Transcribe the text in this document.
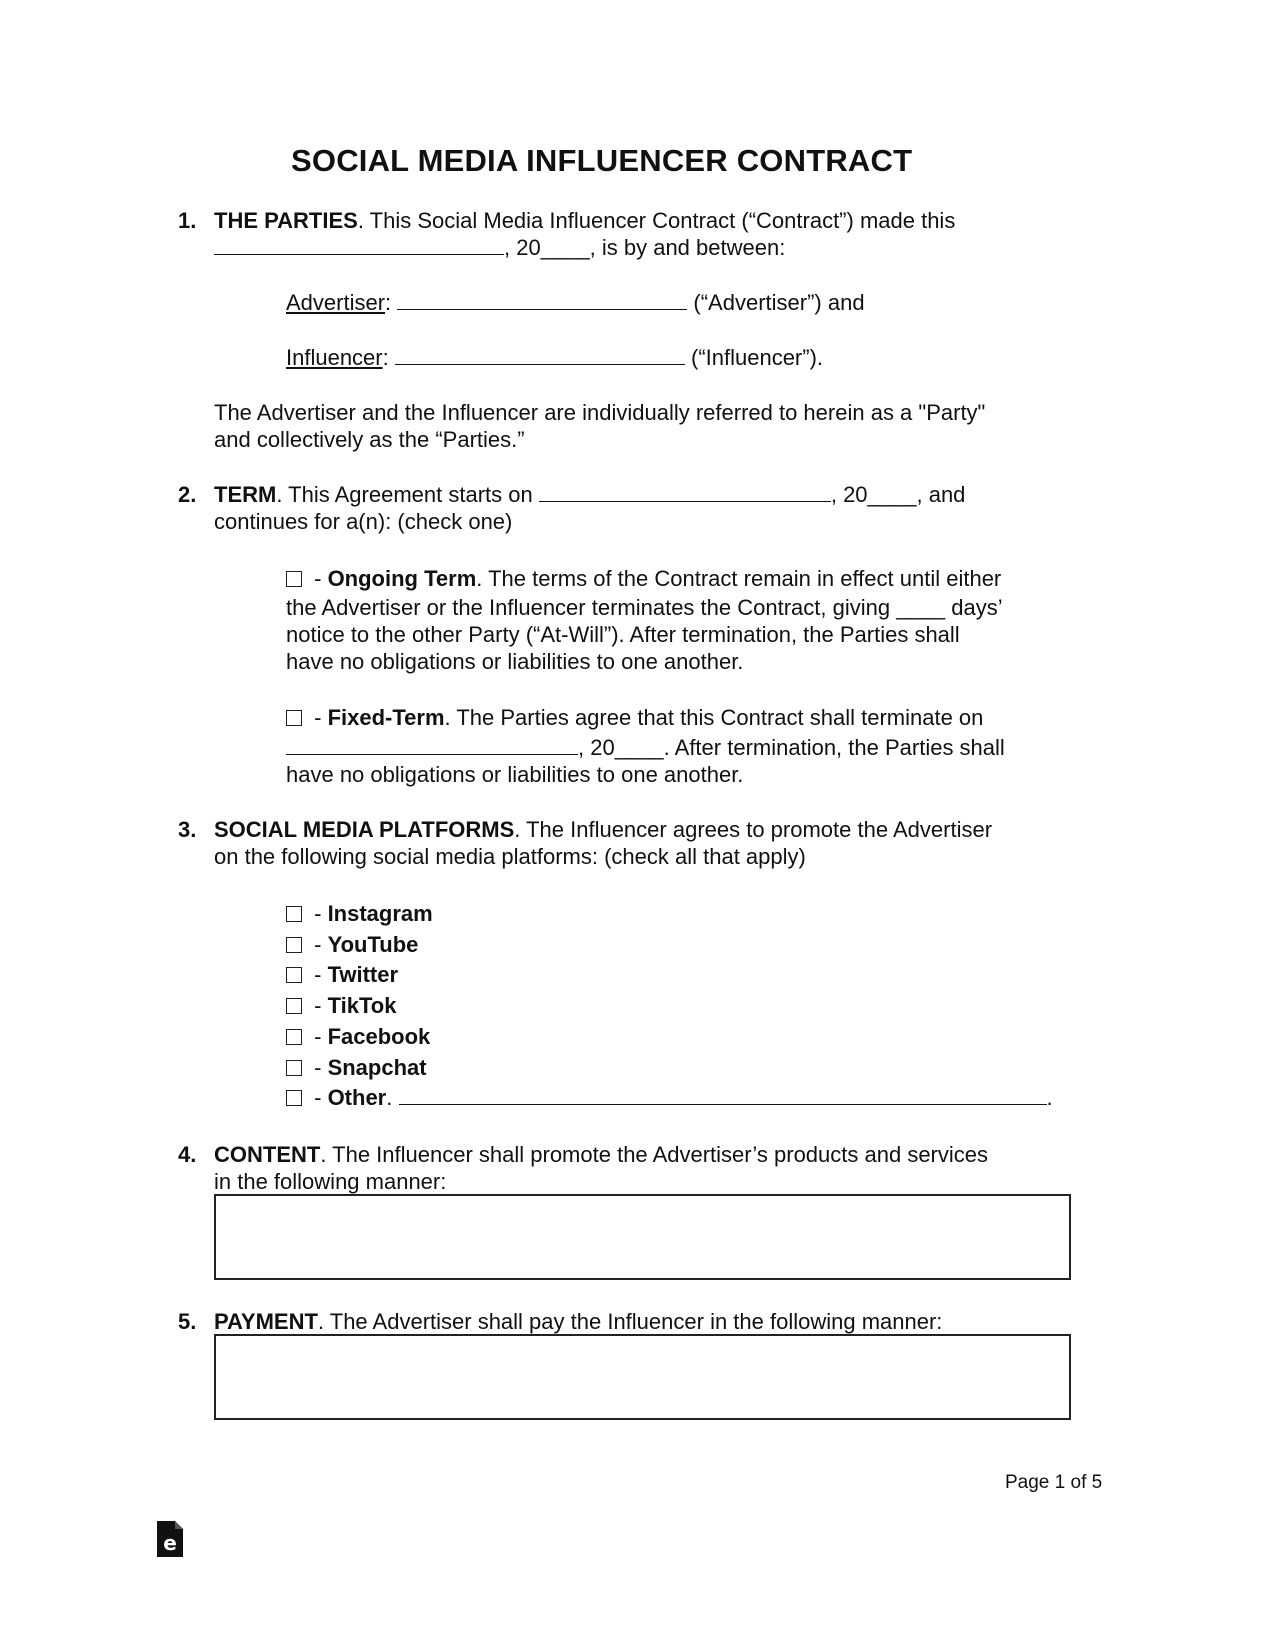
SOCIAL MEDIA INFLUENCER CONTRACT
1. THE PARTIES. This Social Media Influencer Contract (“Contract”) made this
, 20____, is by and between:
Advertiser:	(“Advertiser”) and
Influencer:	(“Influencer”).
The Advertiser and the Influencer are individually referred to herein as a "Party"
and collectively as the “Parties.”
2. TERM. This Agreement starts on	, 20____, and
continues for a(n): (check one)
- Ongoing Term. The terms of the Contract remain in effect until either
the Advertiser or the Influencer terminates the Contract, giving ____ days’
notice to the other Party (“At-Will”). After termination, the Parties shall
have no obligations or liabilities to one another.
- Fixed-Term. The Parties agree that this Contract shall terminate on
, 20____. After termination, the Parties shall
have no obligations or liabilities to one another.
3. SOCIAL MEDIA PLATFORMS. The Influencer agrees to promote the Advertiser
on the following social media platforms: (check all that apply)
- Instagram
- YouTube
- Twitter
- TikTok
- Facebook
- Snapchat
- Other.	.
4. CONTENT. The Influencer shall promote the Advertiser’s products and services
in the following manner:
5. PAYMENT. The Advertiser shall pay the Influencer in the following manner:
e
Page 1 of 5
